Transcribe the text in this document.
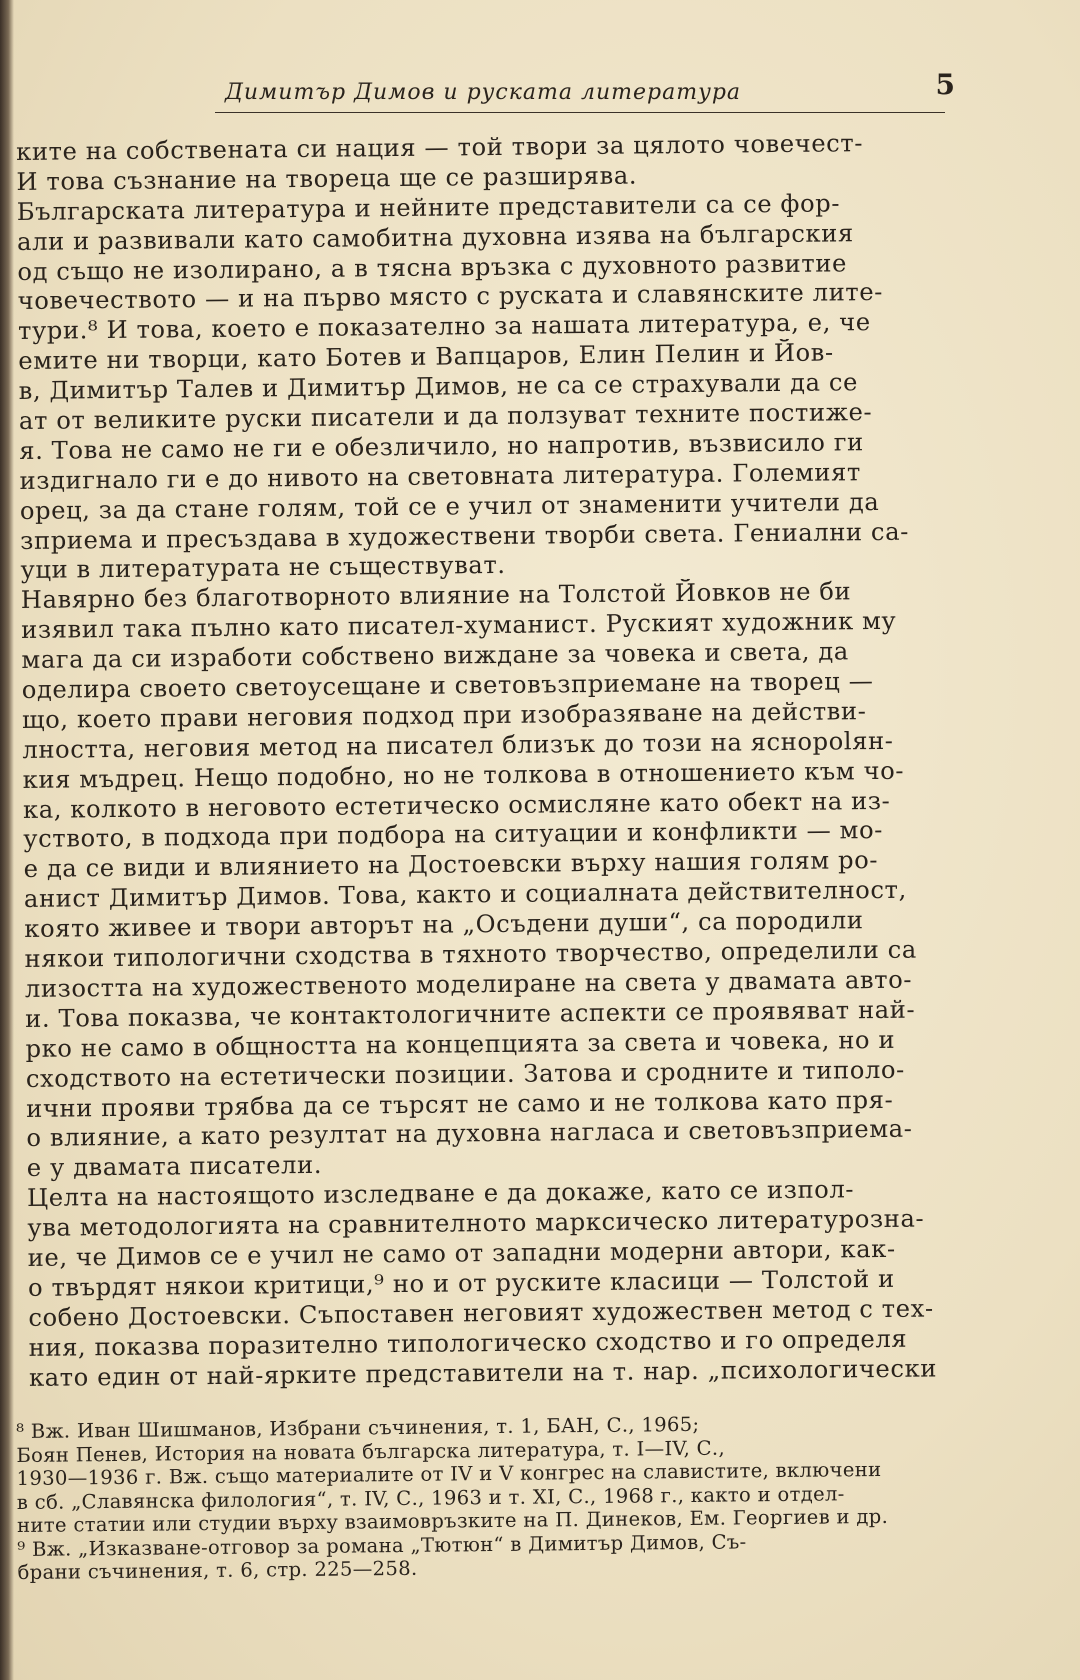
Димитър Димов и руската литература	5
ките на собствената си нация — той твори за цялото човечест-
И това съзнание на твореца ще се разширява.
Българската литература и нейните представители са се фор-
али и развивали като самобитна духовна изява на българския
од също не изолирано, а в тясна връзка с духовното развитие
човечеството — и на първо място с руската и славянските лите-
тури.⁸ И това, което е показателно за нашата литература, е, че
емите ни творци, като Ботев и Вапцаров, Елин Пелин и Йов-
в, Димитър Талев и Димитър Димов, не са се страхували да се
ат от великите руски писатели и да ползуват техните постиже-
я. Това не само не ги е обезличило, но напротив, възвисило ги
издигнало ги е до нивото на световната литература. Големият
орец, за да стане голям, той се е учил от знаменити учители да
зприема и пресъздава в художествени творби света. Гениални са-
уци в литературата не съществуват.
Навярно без благотворното влияние на Толстой Йовков не би
изявил така пълно като писател-хуманист. Руският художник му
мага да си изработи собствено виждане за човека и света, да
оделира своето светоусещане и световъзприемане на творец —
що, което прави неговия подход при изобразяване на действи-
лността, неговия метод на писател близък до този на ясноpolян-
кия мъдрец. Нещо подобно, но не толкова в отношението към чо-
ка, колкото в неговото естетическо осмисляне като обект на из-
уството, в подхода при подбора на ситуации и конфликти — мо-
е да се види и влиянието на Достоевски върху нашия голям ро-
анист Димитър Димов. Това, както и социалната действителност,
която живее и твори авторът на „Осъдени души“, са породили
някои типологични сходства в тяхното творчество, определили са
лизостта на художественото моделиране на света у двамата авто-
и. Това показва, че контактологичните аспекти се проявяват най-
рко не само в общността на концепцията за света и човека, но и
сходството на естетически позиции. Затова и сродните и типоло-
ични прояви трябва да се търсят не само и не толкова като пря-
о влияние, а като резултат на духовна нагласа и световъзприема-
е у двамата писатели.
Целта на настоящото изследване е да докаже, като се изпол-
ува методологията на сравнителното марксическо литературозна-
ие, че Димов се е учил не само от западни модерни автори, как-
о твърдят някои критици,⁹ но и от руските класици — Толстой и
собено Достоевски. Съпоставен неговият художествен метод с тех-
ния, показва поразително типологическо сходство и го определя
като един от най-ярките представители на т. нар. „психологически
⁸ Вж. Иван Шишманов, Избрани съчинения, т. 1, БАН, С., 1965;
Боян Пенев, История на новата българска литература, т. I—IV, С.,
1930—1936 г. Вж. също материалите от IV и V конгрес на славистите, включени
в сб. „Славянска филология“, т. IV, С., 1963 и т. XI, С., 1968 г., както и отдел-
ните статии или студии върху взаимовръзките на П. Динеков, Ем. Георгиев и др.
⁹ Вж. „Изказване-отговор за романа „Тютюн“ в Димитър Димов, Съ-
брани съчинения, т. 6, стр. 225—258.
